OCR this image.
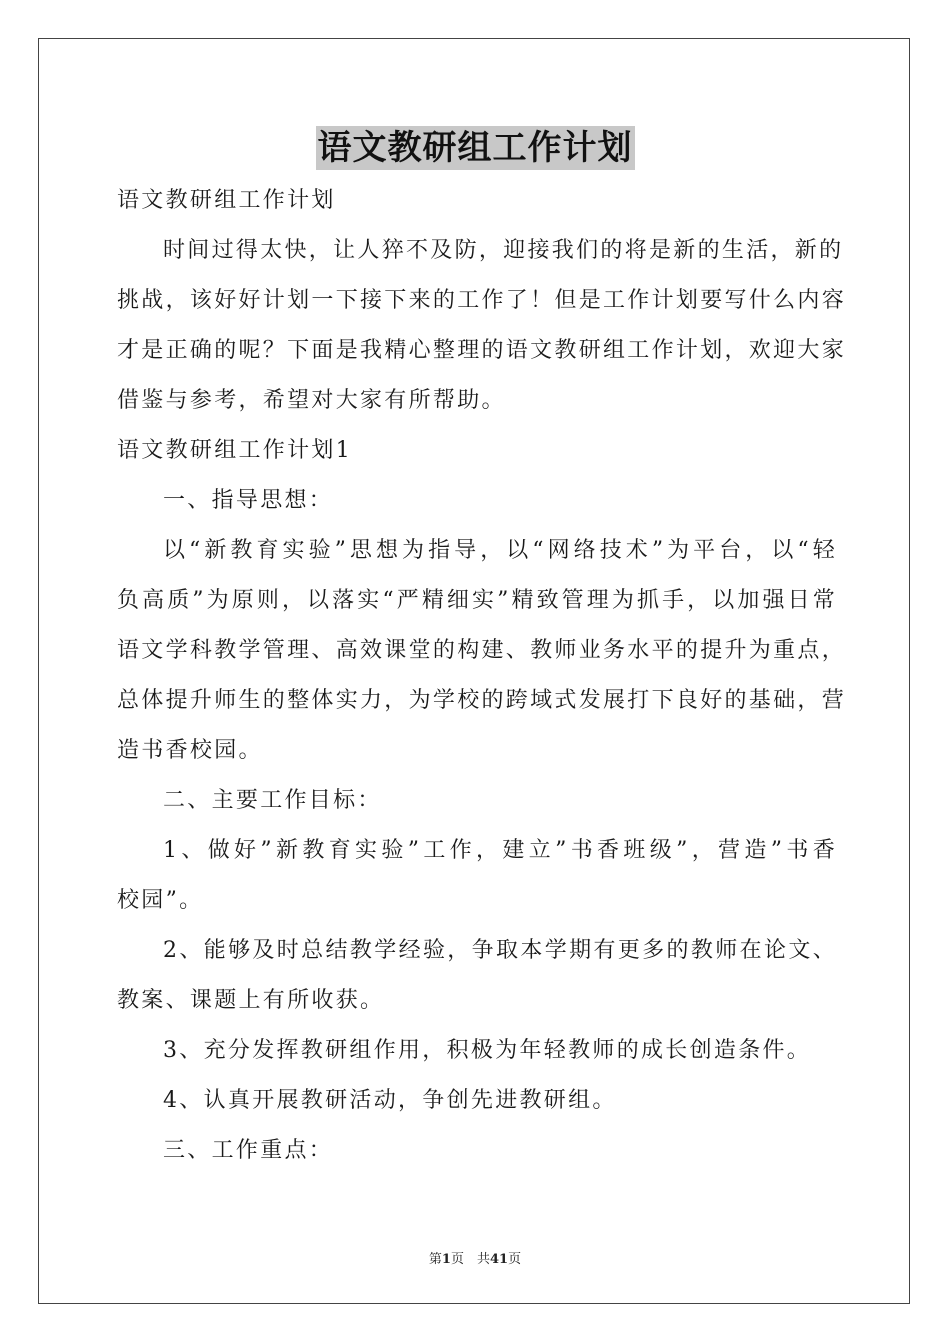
语文教研组工作计划
语文教研组工作计划
时间过得太快，让人猝不及防，迎接我们的将是新的生活，新的
挑战，该好好计划一下接下来的工作了！但是工作计划要写什么内容
才是正确的呢？下面是我精心整理的语文教研组工作计划，欢迎大家
借鉴与参考，希望对大家有所帮助。
语文教研组工作计划1
一、指导思想：
以“新教育实验”思想为指导，以“网络技术”为平台，以“轻
负高质”为原则，以落实“严精细实”精致管理为抓手，以加强日常
语文学科教学管理、高效课堂的构建、教师业务水平的提升为重点，
总体提升师生的整体实力，为学校的跨域式发展打下良好的基础，营
造书香校园。
二、主要工作目标：
1、做好”新教育实验”工作，建立”书香班级”，营造”书香
校园”。
2、能够及时总结教学经验，争取本学期有更多的教师在论文、
教案、课题上有所收获。
3、充分发挥教研组作用，积极为年轻教师的成长创造条件。
4、认真开展教研活动，争创先进教研组。
三、工作重点：
第1页　共41页
